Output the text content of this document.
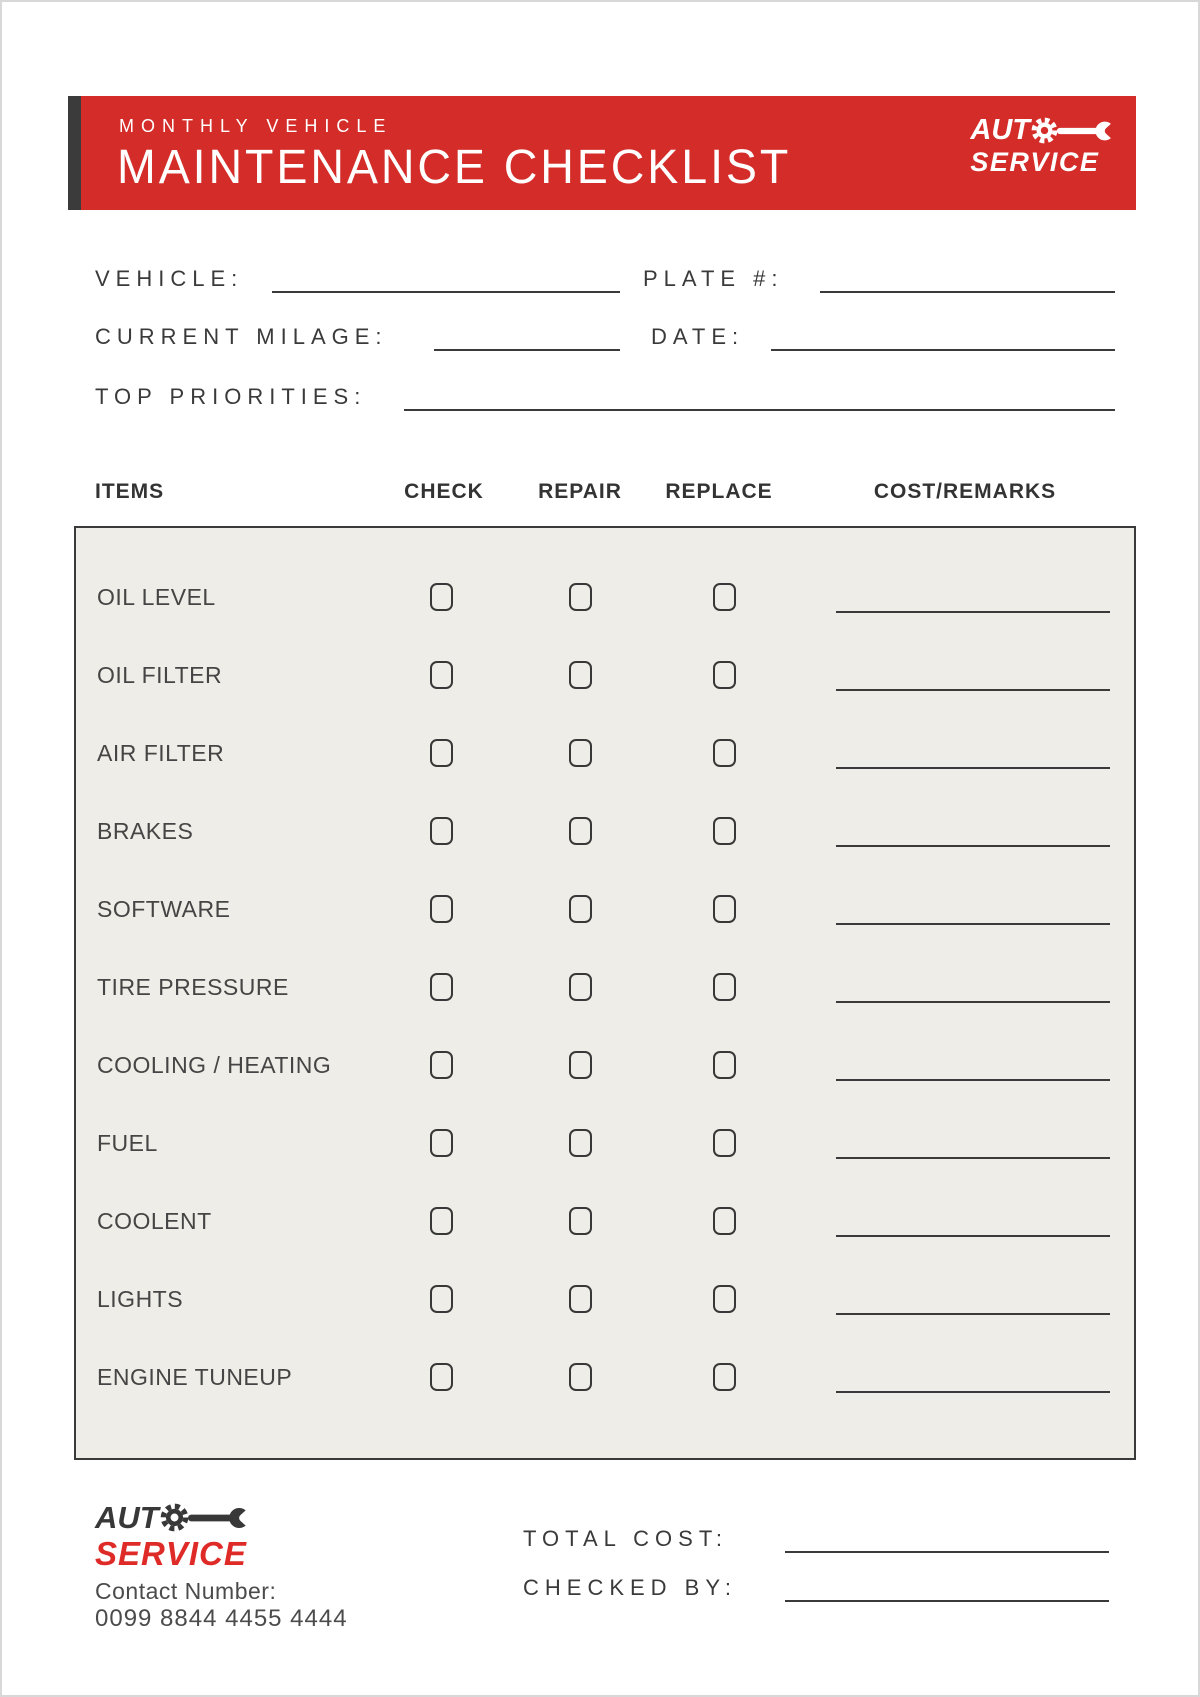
MONTHLY VEHICLE
MAINTENANCE CHECKLIST
AUT
SERVICE
VEHICLE:	PLATE #:
CURRENT MILAGE:	DATE:
TOP PRIORITIES:
ITEMS	CHECK	REPAIR REPLACE	COST/REMARKS
OIL LEVEL
OIL FILTER
AIR FILTER
BRAKES
SOFTWARE
TIRE PRESSURE
COOLING / HEATING
FUEL
COOLENT
LIGHTS
ENGINE TUNEUP
AUT
SERVICE
Contact Number:
0099 8844 4455 4444
TOTAL COST:
CHECKED BY:
